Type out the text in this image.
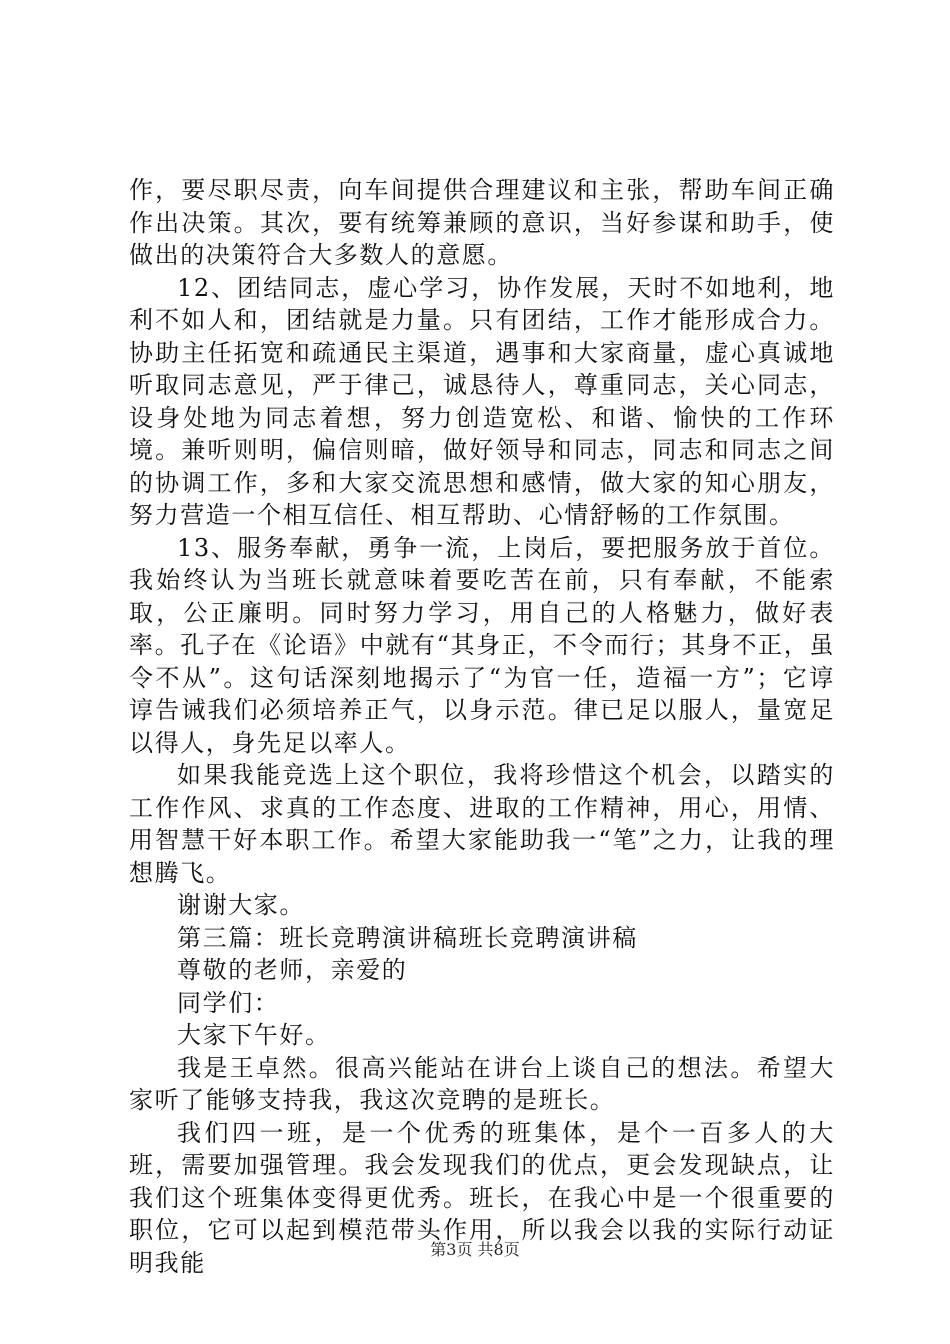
作，要尽职尽责，向车间提供合理建议和主张，帮助车间正确作出决策。其次，要有统筹兼顾的意识，当好参谋和助手，使做出的决策符合大多数人的意愿。

12、团结同志，虚心学习，协作发展，天时不如地利，地利不如人和，团结就是力量。只有团结，工作才能形成合力。协助主任拓宽和疏通民主渠道，遇事和大家商量，虚心真诚地听取同志意见，严于律己，诚恳待人，尊重同志，关心同志，设身处地为同志着想，努力创造宽松、和谐、愉快的工作环境。兼听则明，偏信则暗，做好领导和同志，同志和同志之间的协调工作，多和大家交流思想和感情，做大家的知心朋友，努力营造一个相互信任、相互帮助、心情舒畅的工作氛围。

13、服务奉献，勇争一流，上岗后，要把服务放于首位。我始终认为当班长就意味着要吃苦在前，只有奉献，不能索取，公正廉明。同时努力学习，用自己的人格魅力，做好表率。孔子在《论语》中就有“其身正，不令而行；其身不正，虽令不从”。这句话深刻地揭示了“为官一任，造福一方”；它谆谆告诫我们必须培养正气，以身示范。律已足以服人，量宽足以得人，身先足以率人。

如果我能竞选上这个职位，我将珍惜这个机会，以踏实的工作作风、求真的工作态度、进取的工作精神，用心，用情、用智慧干好本职工作。希望大家能助我一“笔”之力，让我的理想腾飞。

谢谢大家。

第三篇：班长竞聘演讲稿班长竞聘演讲稿

尊敬的老师，亲爱的

同学们：

大家下午好。

我是王卓然。很高兴能站在讲台上谈自己的想法。希望大家听了能够支持我，我这次竞聘的是班长。

我们四一班，是一个优秀的班集体，是个一百多人的大班，需要加强管理。我会发现我们的优点，更会发现缺点，让我们这个班集体变得更优秀。班长，在我心中是一个很重要的职位，它可以起到模范带头作用，所以我会以我的实际行动证明我能	第3页 共8页
